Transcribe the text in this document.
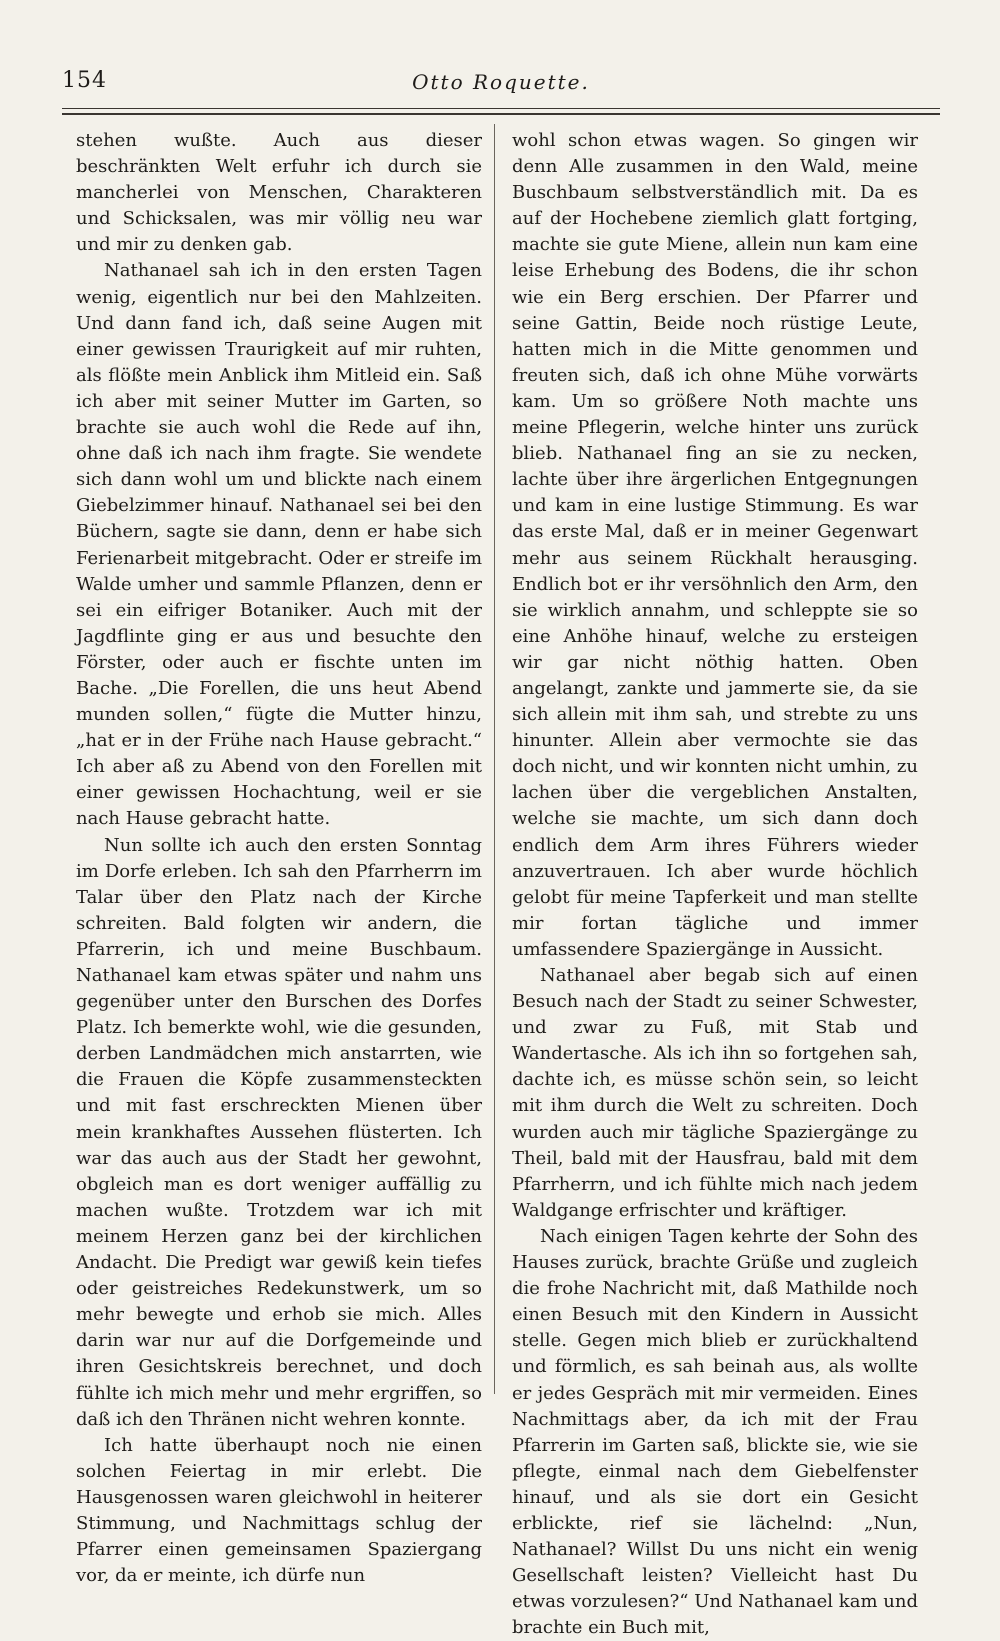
154	Otto Roquette.

stehen wußte. Auch aus dieser beschränkten Welt erfuhr ich durch sie mancherlei von Menschen, Charakteren und Schicksalen, was mir völlig neu war und mir zu denken gab.

Nathanael sah ich in den ersten Tagen wenig, eigentlich nur bei den Mahlzeiten. Und dann fand ich, daß seine Augen mit einer gewissen Traurigkeit auf mir ruhten, als flößte mein Anblick ihm Mitleid ein. Saß ich aber mit seiner Mutter im Garten, so brachte sie auch wohl die Rede auf ihn, ohne daß ich nach ihm fragte. Sie wendete sich dann wohl um und blickte nach einem Giebelzimmer hinauf. Nathanael sei bei den Büchern, sagte sie dann, denn er habe sich Ferienarbeit mitgebracht. Oder er streife im Walde umher und sammle Pflanzen, denn er sei ein eifriger Botaniker. Auch mit der Jagdflinte ging er aus und besuchte den Förster, oder auch er fischte unten im Bache. „Die Forellen, die uns heut Abend munden sollen,“ fügte die Mutter hinzu, „hat er in der Frühe nach Hause gebracht.“ Ich aber aß zu Abend von den Forellen mit einer gewissen Hochachtung, weil er sie nach Hause gebracht hatte.

Nun sollte ich auch den ersten Sonntag im Dorfe erleben. Ich sah den Pfarrherrn im Talar über den Platz nach der Kirche schreiten. Bald folgten wir andern, die Pfarrerin, ich und meine Buschbaum. Nathanael kam etwas später und nahm uns gegenüber unter den Burschen des Dorfes Platz. Ich bemerkte wohl, wie die gesunden, derben Landmädchen mich anstarrten, wie die Frauen die Köpfe zusammensteckten und mit fast erschreckten Mienen über mein krankhaftes Aussehen flüsterten. Ich war das auch aus der Stadt her gewohnt, obgleich man es dort weniger auffällig zu machen wußte. Trotzdem war ich mit meinem Herzen ganz bei der kirchlichen Andacht. Die Predigt war gewiß kein tiefes oder geistreiches Redekunstwerk, um so mehr bewegte und erhob sie mich. Alles darin war nur auf die Dorfgemeinde und ihren Gesichtskreis berechnet, und doch fühlte ich mich mehr und mehr ergriffen, so daß ich den Thränen nicht wehren konnte.

Ich hatte überhaupt noch nie einen solchen Feiertag in mir erlebt. Die Hausgenossen waren gleichwohl in heiterer Stimmung, und Nachmittags schlug der Pfarrer einen gemeinsamen Spaziergang vor, da er meinte, ich dürfe nun

wohl schon etwas wagen. So gingen wir denn Alle zusammen in den Wald, meine Buschbaum selbstverständlich mit. Da es auf der Hochebene ziemlich glatt fortging, machte sie gute Miene, allein nun kam eine leise Erhebung des Bodens, die ihr schon wie ein Berg erschien. Der Pfarrer und seine Gattin, Beide noch rüstige Leute, hatten mich in die Mitte genommen und freuten sich, daß ich ohne Mühe vorwärts kam. Um so größere Noth machte uns meine Pflegerin, welche hinter uns zurück blieb. Nathanael fing an sie zu necken, lachte über ihre ärgerlichen Entgegnungen und kam in eine lustige Stimmung. Es war das erste Mal, daß er in meiner Gegenwart mehr aus seinem Rückhalt herausging. Endlich bot er ihr versöhnlich den Arm, den sie wirklich annahm, und schleppte sie so eine Anhöhe hinauf, welche zu ersteigen wir gar nicht nöthig hatten. Oben angelangt, zankte und jammerte sie, da sie sich allein mit ihm sah, und strebte zu uns hinunter. Allein aber vermochte sie das doch nicht, und wir konnten nicht umhin, zu lachen über die vergeblichen Anstalten, welche sie machte, um sich dann doch endlich dem Arm ihres Führers wieder anzuvertrauen. Ich aber wurde höchlich gelobt für meine Tapferkeit und man stellte mir fortan tägliche und immer umfassendere Spaziergänge in Aussicht.

Nathanael aber begab sich auf einen Besuch nach der Stadt zu seiner Schwester, und zwar zu Fuß, mit Stab und Wandertasche. Als ich ihn so fortgehen sah, dachte ich, es müsse schön sein, so leicht mit ihm durch die Welt zu schreiten. Doch wurden auch mir tägliche Spaziergänge zu Theil, bald mit der Hausfrau, bald mit dem Pfarrherrn, und ich fühlte mich nach jedem Waldgange erfrischter und kräftiger.

Nach einigen Tagen kehrte der Sohn des Hauses zurück, brachte Grüße und zugleich die frohe Nachricht mit, daß Mathilde noch einen Besuch mit den Kindern in Aussicht stelle. Gegen mich blieb er zurückhaltend und förmlich, es sah beinah aus, als wollte er jedes Gespräch mit mir vermeiden. Eines Nachmittags aber, da ich mit der Frau Pfarrerin im Garten saß, blickte sie, wie sie pflegte, einmal nach dem Giebelfenster hinauf, und als sie dort ein Gesicht erblickte, rief sie lächelnd: „Nun, Nathanael? Willst Du uns nicht ein wenig Gesellschaft leisten? Vielleicht hast Du etwas vorzulesen?“ Und Nathanael kam und brachte ein Buch mit,
